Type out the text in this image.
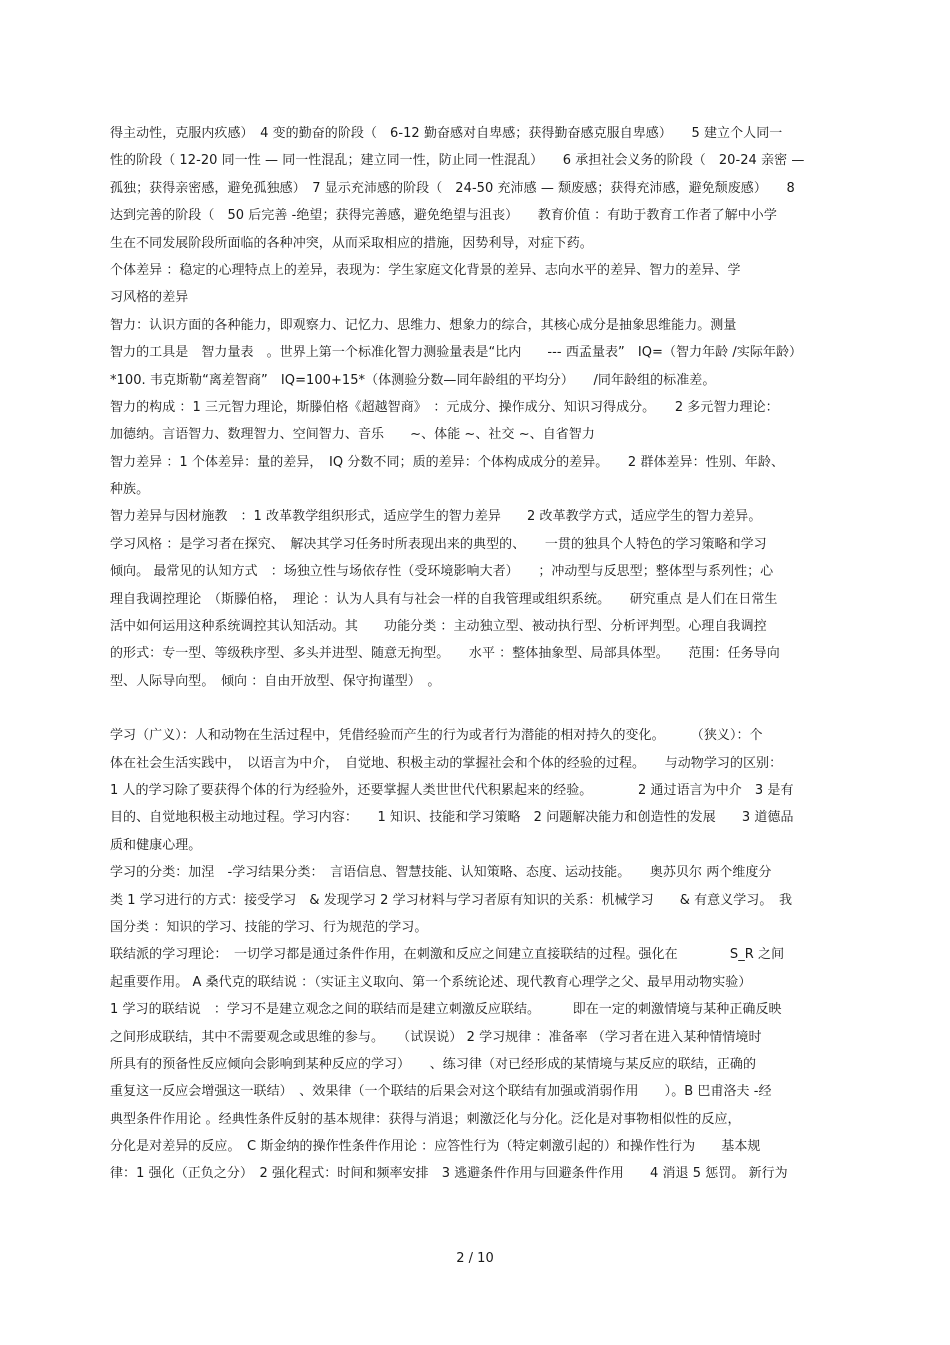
得主动性，克服内疚感）　4 变的勤奋的阶段（　6-12 勤奋感对自卑感；获得勤奋感克服自卑感）　　5 建立个人同一
性的阶段（ 12-20 同一性 — 同一性混乱；建立同一性，防止同一性混乱）　　6 承担社会义务的阶段（　20-24 亲密 —
孤独；获得亲密感，避免孤独感）　7 显示充沛感的阶段（　24-50 充沛感 — 颓废感；获得充沛感，避免颓废感）　　8
达到完善的阶段（　50 后完善 -绝望；获得完善感，避免绝望与沮丧）　　教育价值 ：有助于教育工作者了解中小学
生在不同发展阶段所面临的各种冲突，从而采取相应的措施，因势利导，对症下药。
个体差异 ：稳定的心理特点上的差异，表现为：学生家庭文化背景的差异、志向水平的差异、智力的差异、学
习风格的差异
智力：认识方面的各种能力，即观察力、记忆力、思维力、想象力的综合，其核心成分是抽象思维能力。测量
智力的工具是　智力量表　。世界上第一个标准化智力测验量表是“比内　　--- 西孟量表”　IQ=（智力年龄 /实际年龄）
*100. 韦克斯勒“离差智商”　IQ=100+15*（体测验分数—同年龄组的平均分）　　/同年龄组的标准差。
智力的构成 ：1 三元智力理论，斯滕伯格《超越智商》　：元成分、操作成分、知识习得成分。　　2 多元智力理论：
加德纳。言语智力、数理智力、空间智力、音乐　　~、体能 ~、社交 ~、自省智力
智力差异 ：1 个体差异：量的差异，　IQ 分数不同；质的差异：个体构成成分的差异。　　2 群体差异：性别、年龄、
种族。
智力差异与因材施教　：1 改革教学组织形式，适应学生的智力差异　　2 改革教学方式，适应学生的智力差异。
学习风格 ：是学习者在探究、　解决其学习任务时所表现出来的典型的、　　一贯的独具个人特色的学习策略和学习
倾向。 最常见的认知方式　：场独立性与场依存性（受环境影响大者）　　；冲动型与反思型；整体型与系列性；心
理自我调控理论　（斯滕伯格，　理论 ：认为人具有与社会一样的自我管理或组织系统。　　研究重点 是人们在日常生
活中如何运用这种系统调控其认知活动。其　　功能分类 ：主动独立型、被动执行型、分析评判型。心理自我调控
的形式：专一型、等级秩序型、多头并进型、随意无拘型。　　水平 ：整体抽象型、局部具体型。　　范围：任务导向
型、人际导向型。　倾向 ：自由开放型、保守拘谨型）　。
学习（广义）：人和动物在生活过程中，凭借经验而产生的行为或者行为潜能的相对持久的变化。　　　（狭义）：个
体在社会生活实践中，　以语言为中介，　自觉地、积极主动的掌握社会和个体的经验的过程。　　与动物学习的区别：
1 人的学习除了要获得个体的行为经验外，还要掌握人类世世代代积累起来的经验。　　　　2 通过语言为中介　3 是有
目的、自觉地积极主动地过程。学习内容：　　1 知识、技能和学习策略　2 问题解决能力和创造性的发展　　3 道德品
质和健康心理。
学习的分类：加涅　-学习结果分类：　言语信息、智慧技能、认知策略、态度、运动技能。　　奥苏贝尔 两个维度分
类 1 学习进行的方式：接受学习　& 发现学习 2 学习材料与学习者原有知识的关系：机械学习　　& 有意义学习。　我
国分类 ：知识的学习、技能的学习、行为规范的学习。
联结派的学习理论：　一切学习都是通过条件作用，在刺激和反应之间建立直接联结的过程。强化在　　　　S_R 之间
起重要作用。 A 桑代克的联结说 ：（实证主义取向、第一个系统论述、现代教育心理学之父、最早用动物实验）
1 学习的联结说　：学习不是建立观念之间的联结而是建立刺激反应联结。　　　即在一定的刺激情境与某种正确反映
之间形成联结，其中不需要观念或思维的参与。　　（试误说） 2 学习规律 ：准备率 （学习者在进入某种情情境时
所具有的预备性反应倾向会影响到某种反应的学习）　　、练习律（对已经形成的某情境与某反应的联结，正确的
重复这一反应会增强这一联结）　、效果律（一个联结的后果会对这个联结有加强或消弱作用　　）。B 巴甫洛夫 -经
典型条件作用论 。经典性条件反射的基本规律：获得与消退；刺激泛化与分化。泛化是对事物相似性的反应，
分化是对差异的反应。　C 斯金纳的操作性条件作用论 ：应答性行为（特定刺激引起的）和操作性行为　　基本规
律：1 强化（正负之分）　2 强化程式：时间和频率安排　3 逃避条件作用与回避条件作用　　4 消退 5 惩罚。 新行为
2 / 10
